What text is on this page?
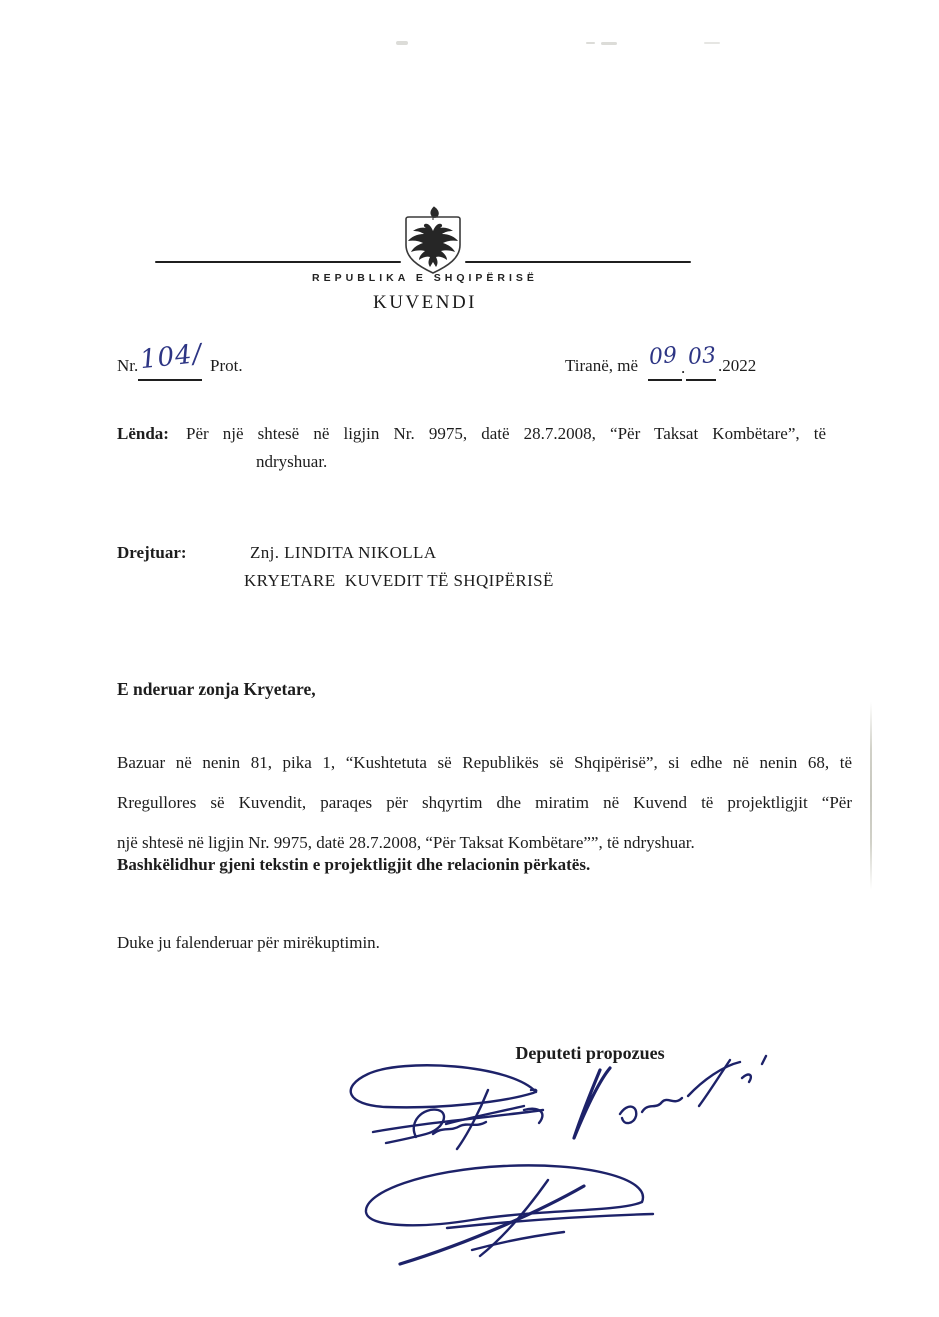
REPUBLIKA E SHQIPËRISË
KUVENDI
Nr. 104/ Prot.	Tiranë, më 09 . 03 .2022
Lënda: Për një shtesë në ligjin Nr. 9975, datë 28.7.2008, “Për Taksat Kombëtare”, të
ndryshuar.
Drejtuar:	Znj. LINDITA NIKOLLA
KRYETARE  KUVEDIT TË SHQIPËRISË
E nderuar zonja Kryetare,
Bazuar në nenin 81, pika 1, “Kushtetuta së Republikës së Shqipërisë”, si edhe në nenin 68, të
Rregullores së Kuvendit, paraqes për shqyrtim dhe miratim në Kuvend të projektligjit “Për
një shtesë në ligjin Nr. 9975, datë 28.7.2008, “Për Taksat Kombëtare””, të ndryshuar.
Bashkëlidhur gjeni tekstin e projektligjit dhe relacionin përkatës.
Duke ju falenderuar për mirëkuptimin.
Deputeti propozues
